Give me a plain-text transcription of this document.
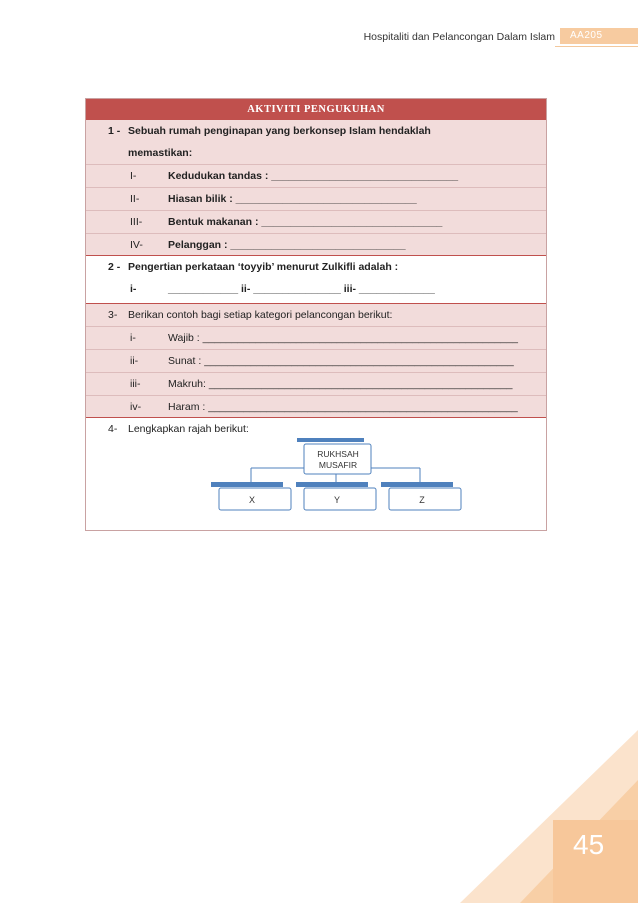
Hospitaliti dan Pelancongan Dalam Islam	AA205
AKTIVITI PENGUKUHAN
1 - Sebuah rumah penginapan yang berkonsep Islam hendaklah
memastikan:
I-	Kedudukan tandas : ________________________________
II-	Hiasan bilik : _______________________________
III- Bentuk makanan : _______________________________
IV- Pelanggan : ______________________________
2 - Pengertian perkataan ‘toyyib’ menurut Zulkifli adalah :
i-	____________ ii- _______________ iii- _____________
3- Berikan contoh bagi setiap kategori pelancongan berikut:
i-	Wajib : ______________________________________________________
ii-	Sunat : _____________________________________________________
iii-	Makruh: ____________________________________________________
iv-	Haram : _____________________________________________________
4- Lengkapkan rajah berikut:
RUKHSAH
MUSAFIR
X	Y	Z
45
